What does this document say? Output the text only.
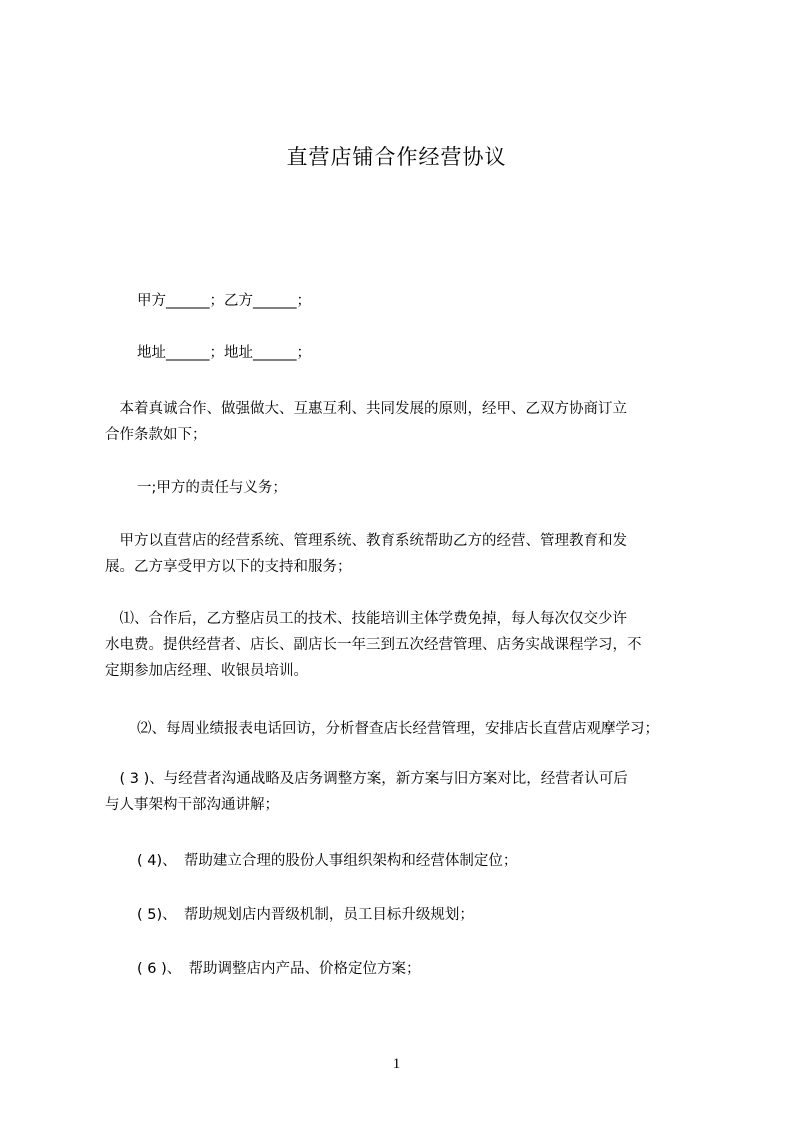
直营店铺合作经营协议

甲方______；乙方______；

地址______；地址______；

　本着真诚合作、做强做大、互惠互利、共同发展的原则，经甲、乙双方协商订立
合作条款如下；

一;甲方的责任与义务；

　甲方以直营店的经营系统、管理系统、教育系统帮助乙方的经营、管理教育和发
展。乙方享受甲方以下的支持和服务；
　⑴、合作后，乙方整店员工的技术、技能培训主体学费免掉，每人每次仅交少许
水电费。提供经营者、店长、副店长一年三到五次经营管理、店务实战课程学习，不
定期参加店经理、收银员培训。

⑵、每周业绩报表电话回访，分析督查店长经营管理，安排店长直营店观摩学习；

　( 3 )、与经营者沟通战略及店务调整方案，新方案与旧方案对比，经营者认可后
与人事架构干部沟通讲解；

( 4)、　帮助建立合理的股份人事组织架构和经营体制定位；

( 5)、　帮助规划店内晋级机制，员工目标升级规划；

( 6 )、　帮助调整店内产品、价格定位方案；

1
